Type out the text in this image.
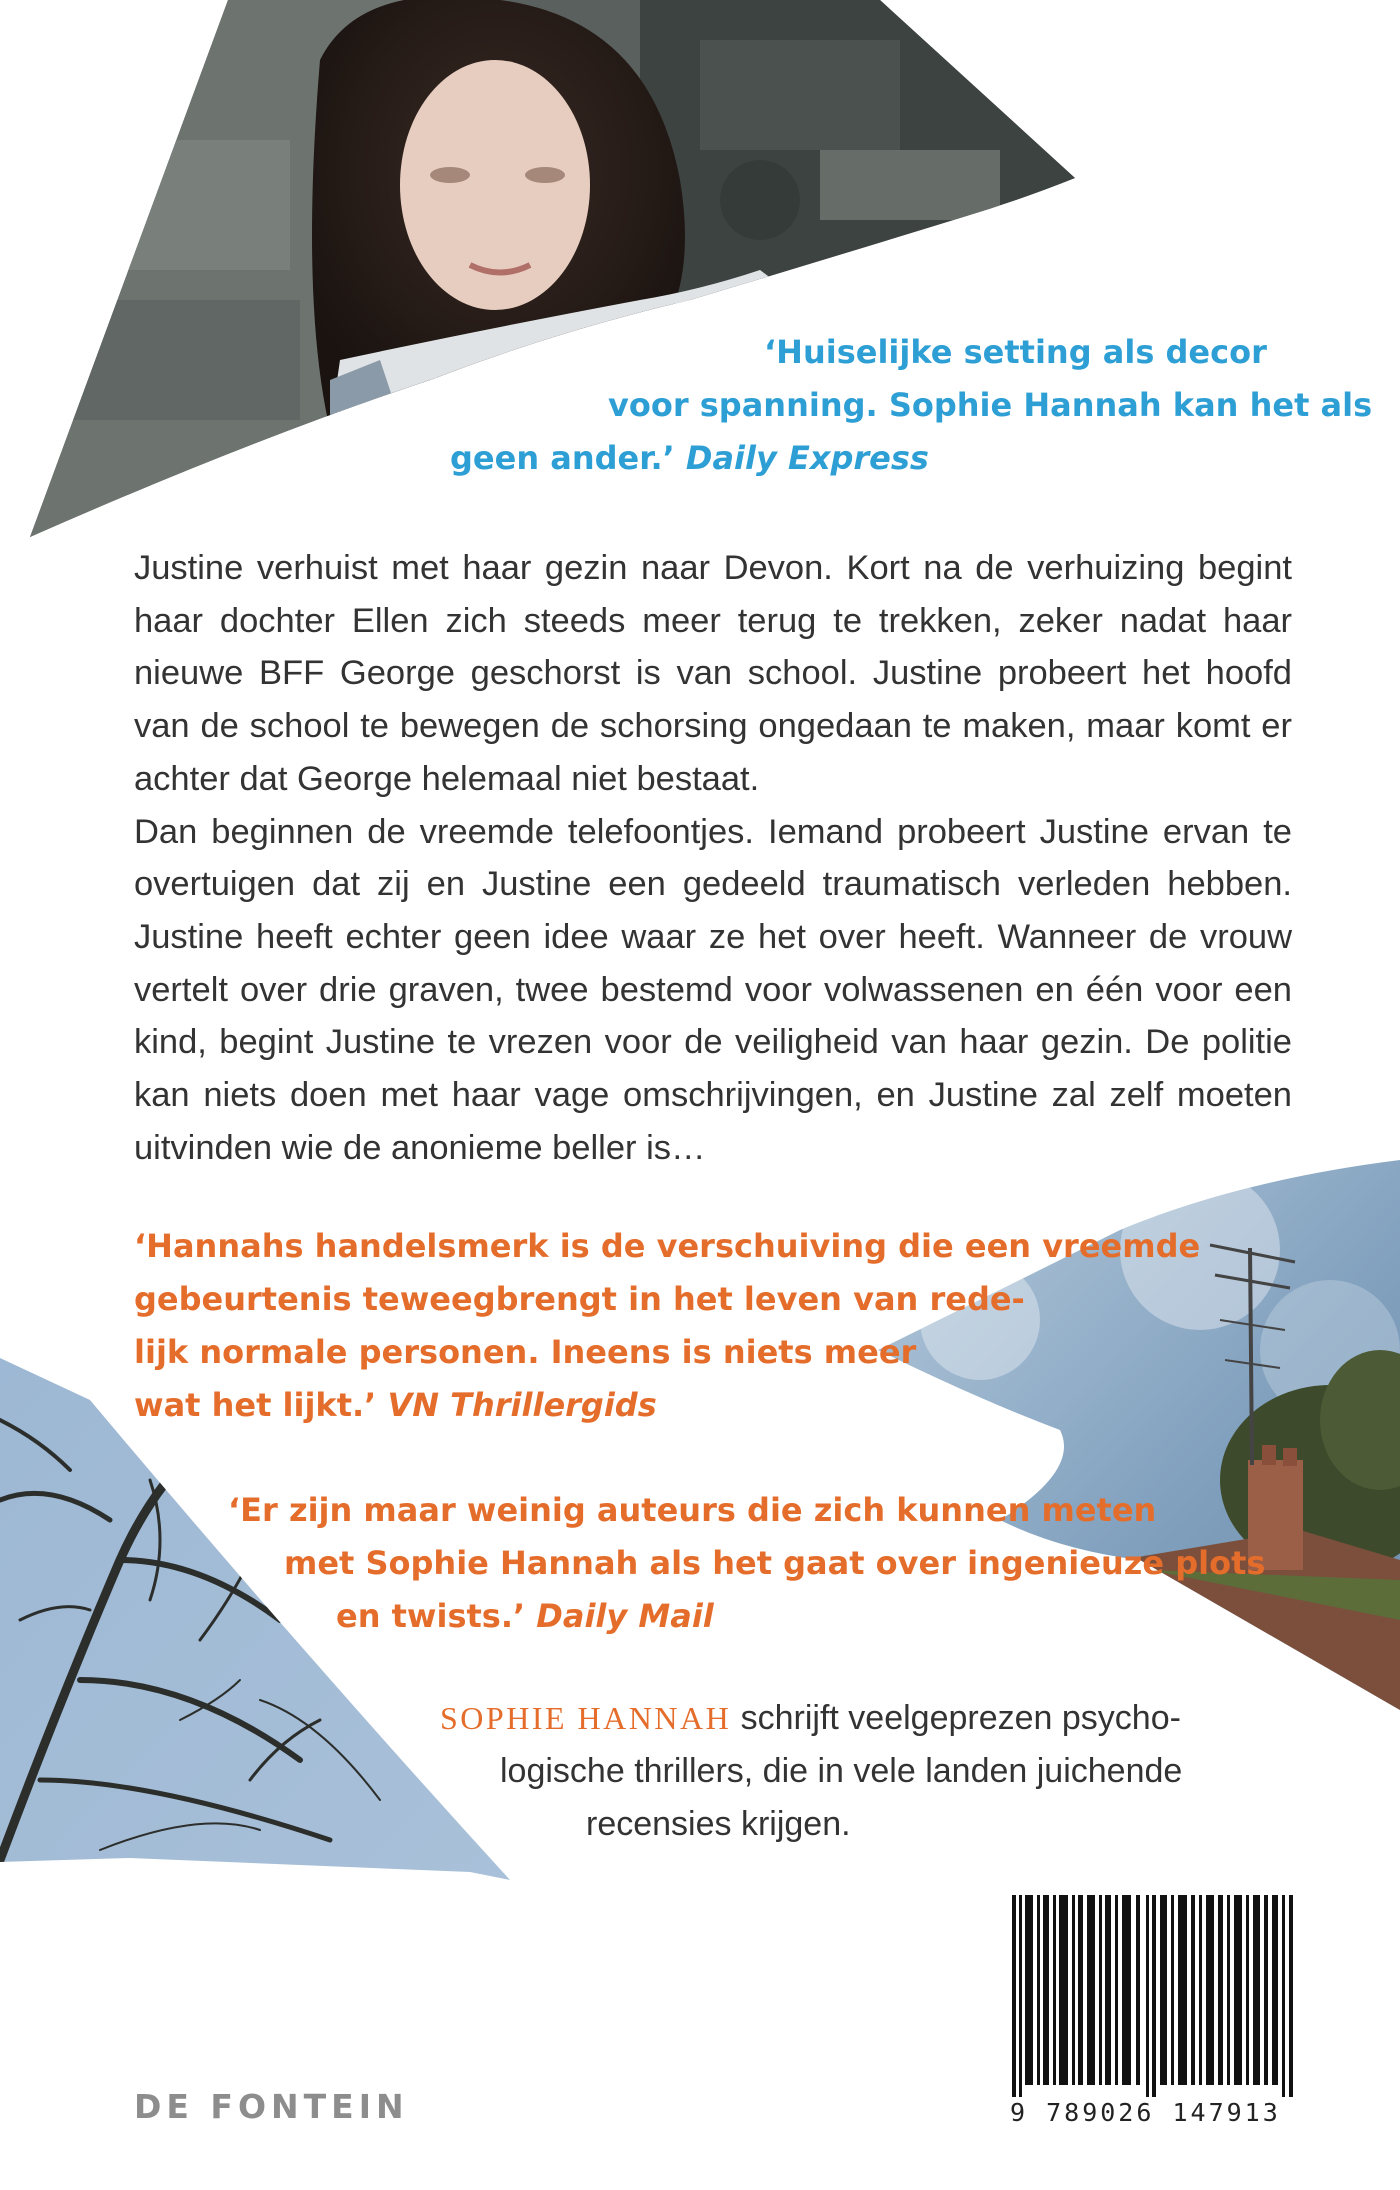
‘Huiselijke setting als decor
voor spanning. Sophie Hannah kan het als
geen ander.’ Daily Express

Justine verhuist met haar gezin naar Devon. Kort na de verhuizing begint
haar dochter Ellen zich steeds meer terug te trekken, zeker nadat haar
nieuwe BFF George geschorst is van school. Justine probeert het hoofd
van de school te bewegen de schorsing ongedaan te maken, maar komt er
achter dat George helemaal niet bestaat.
Dan beginnen de vreemde telefoontjes. Iemand probeert Justine ervan te
overtuigen dat zij en Justine een gedeeld traumatisch verleden hebben.
Justine heeft echter geen idee waar ze het over heeft. Wanneer de vrouw
vertelt over drie graven, twee bestemd voor volwassenen en één voor een
kind, begint Justine te vrezen voor de veiligheid van haar gezin. De politie
kan niets doen met haar vage omschrijvingen, en Justine zal zelf moeten
uitvinden wie de anonieme beller is…

‘Hannahs handelsmerk is de verschuiving die een vreemde
gebeurtenis teweegbrengt in het leven van rede-
lijk normale personen. Ineens is niets meer
wat het lijkt.’ VN Thrillergids

‘Er zijn maar weinig auteurs die zich kunnen meten
met Sophie Hannah als het gaat over ingenieuze plots
en twists.’ Daily Mail

SOPHIE HANNAH schrijft veelgeprezen psycho-
logische thrillers, die in vele landen juichende
recensies krijgen.

DE FONTEIN	9 789026 147913
